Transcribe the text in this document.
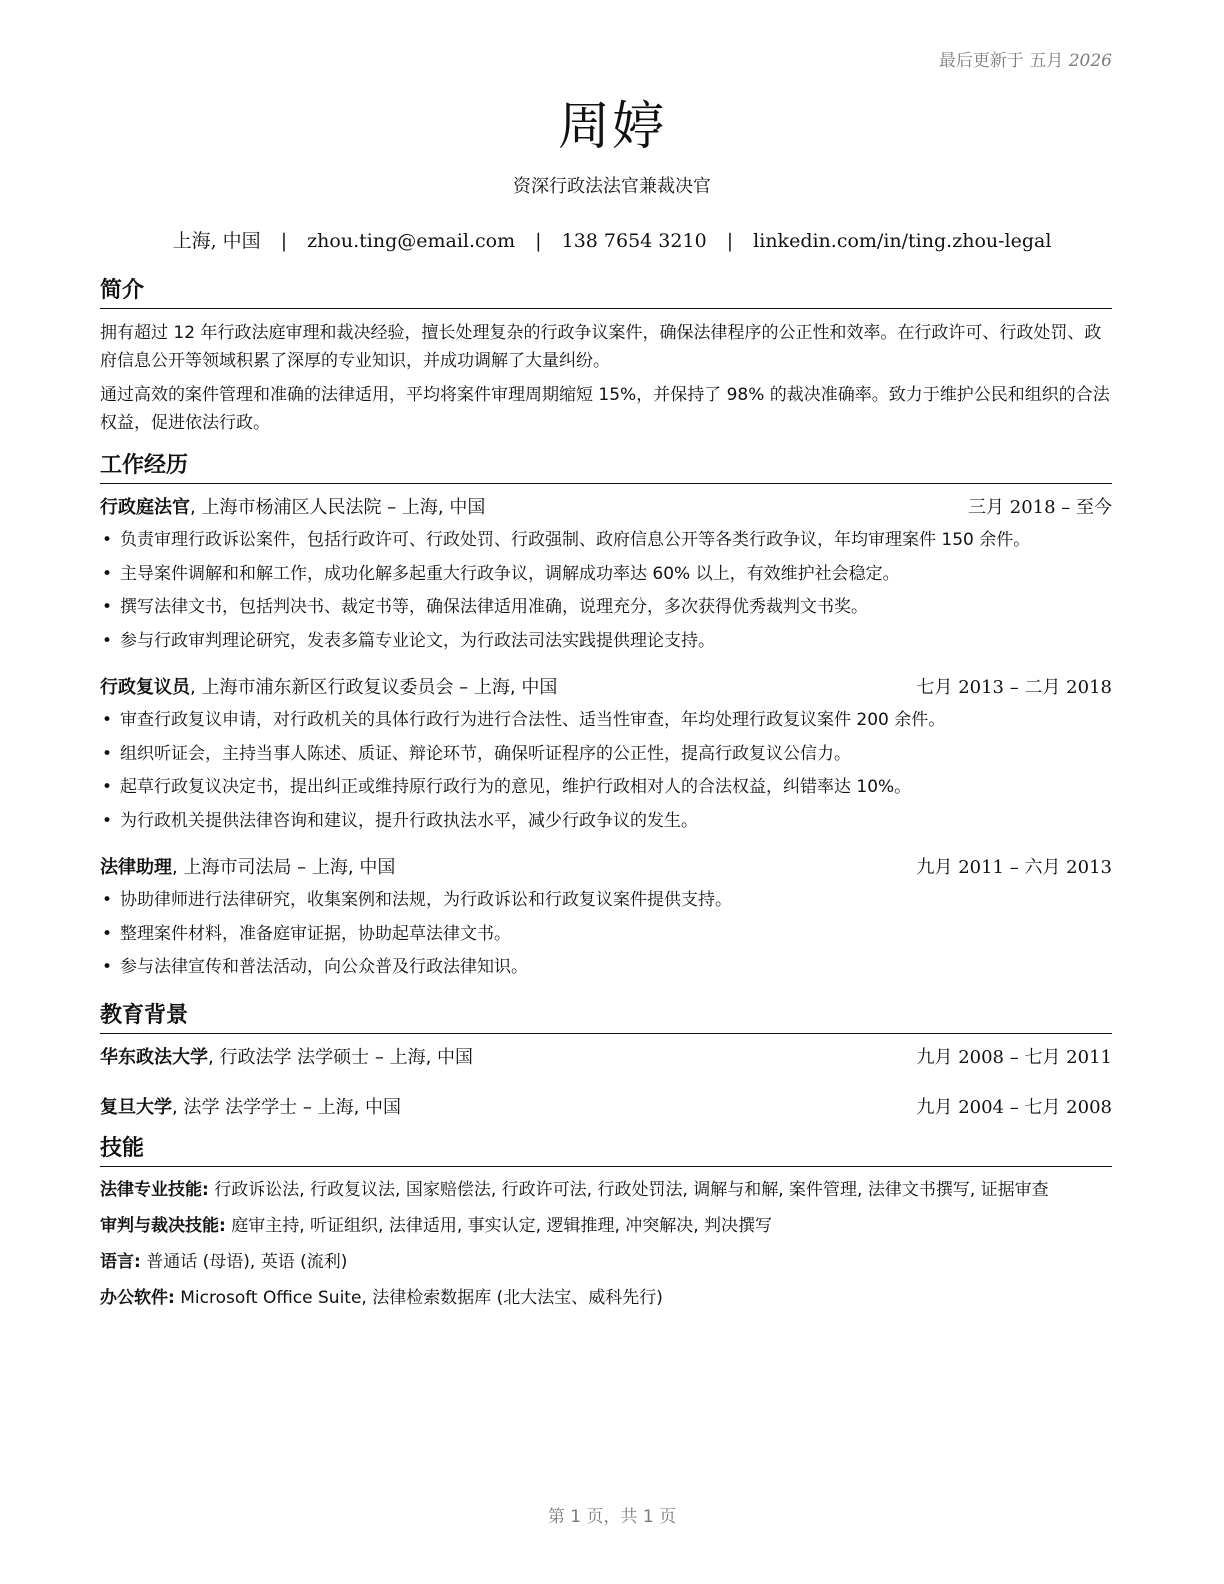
最后更新于 五月 2026
周婷
资深行政法法官兼裁决官
上海, 中国 | zhou.ting@email.com | 138 7654 3210 | linkedin.com/in/ting.zhou-legal
简介
拥有超过 12 年行政法庭审理和裁决经验，擅长处理复杂的行政争议案件，确保法律程序的公正性和效率。在行政许可、行政处罚、政府信息公开等领域积累了深厚的专业知识，并成功调解了大量纠纷。
通过高效的案件管理和准确的法律适用，平均将案件审理周期缩短 15%，并保持了 98% 的裁决准确率。致力于维护公民和组织的合法权益，促进依法行政。
工作经历
行政庭法官, 上海市杨浦区人民法院 – 上海, 中国	三月 2018 – 至今
• 负责审理行政诉讼案件，包括行政许可、行政处罚、行政强制、政府信息公开等各类行政争议，年均审理案件 150 余件。
• 主导案件调解和和解工作，成功化解多起重大行政争议，调解成功率达 60% 以上，有效维护社会稳定。
• 撰写法律文书，包括判决书、裁定书等，确保法律适用准确，说理充分，多次获得优秀裁判文书奖。
• 参与行政审判理论研究，发表多篇专业论文，为行政法司法实践提供理论支持。
行政复议员, 上海市浦东新区行政复议委员会 – 上海, 中国	七月 2013 – 二月 2018
• 审查行政复议申请，对行政机关的具体行政行为进行合法性、适当性审查，年均处理行政复议案件 200 余件。
• 组织听证会，主持当事人陈述、质证、辩论环节，确保听证程序的公正性，提高行政复议公信力。
• 起草行政复议决定书，提出纠正或维持原行政行为的意见，维护行政相对人的合法权益，纠错率达 10%。
• 为行政机关提供法律咨询和建议，提升行政执法水平，减少行政争议的发生。
法律助理, 上海市司法局 – 上海, 中国	九月 2011 – 六月 2013
• 协助律师进行法律研究，收集案例和法规，为行政诉讼和行政复议案件提供支持。
• 整理案件材料，准备庭审证据，协助起草法律文书。
• 参与法律宣传和普法活动，向公众普及行政法律知识。
教育背景
华东政法大学, 行政法学 法学硕士 – 上海, 中国	九月 2008 – 七月 2011
复旦大学, 法学 法学学士 – 上海, 中国	九月 2004 – 七月 2008
技能
法律专业技能: 行政诉讼法, 行政复议法, 国家赔偿法, 行政许可法, 行政处罚法, 调解与和解, 案件管理, 法律文书撰写, 证据审查
审判与裁决技能: 庭审主持, 听证组织, 法律适用, 事实认定, 逻辑推理, 冲突解决, 判决撰写
语言: 普通话 (母语), 英语 (流利)
办公软件: Microsoft Office Suite, 法律检索数据库 (北大法宝、威科先行)
第 1 页，共 1 页
